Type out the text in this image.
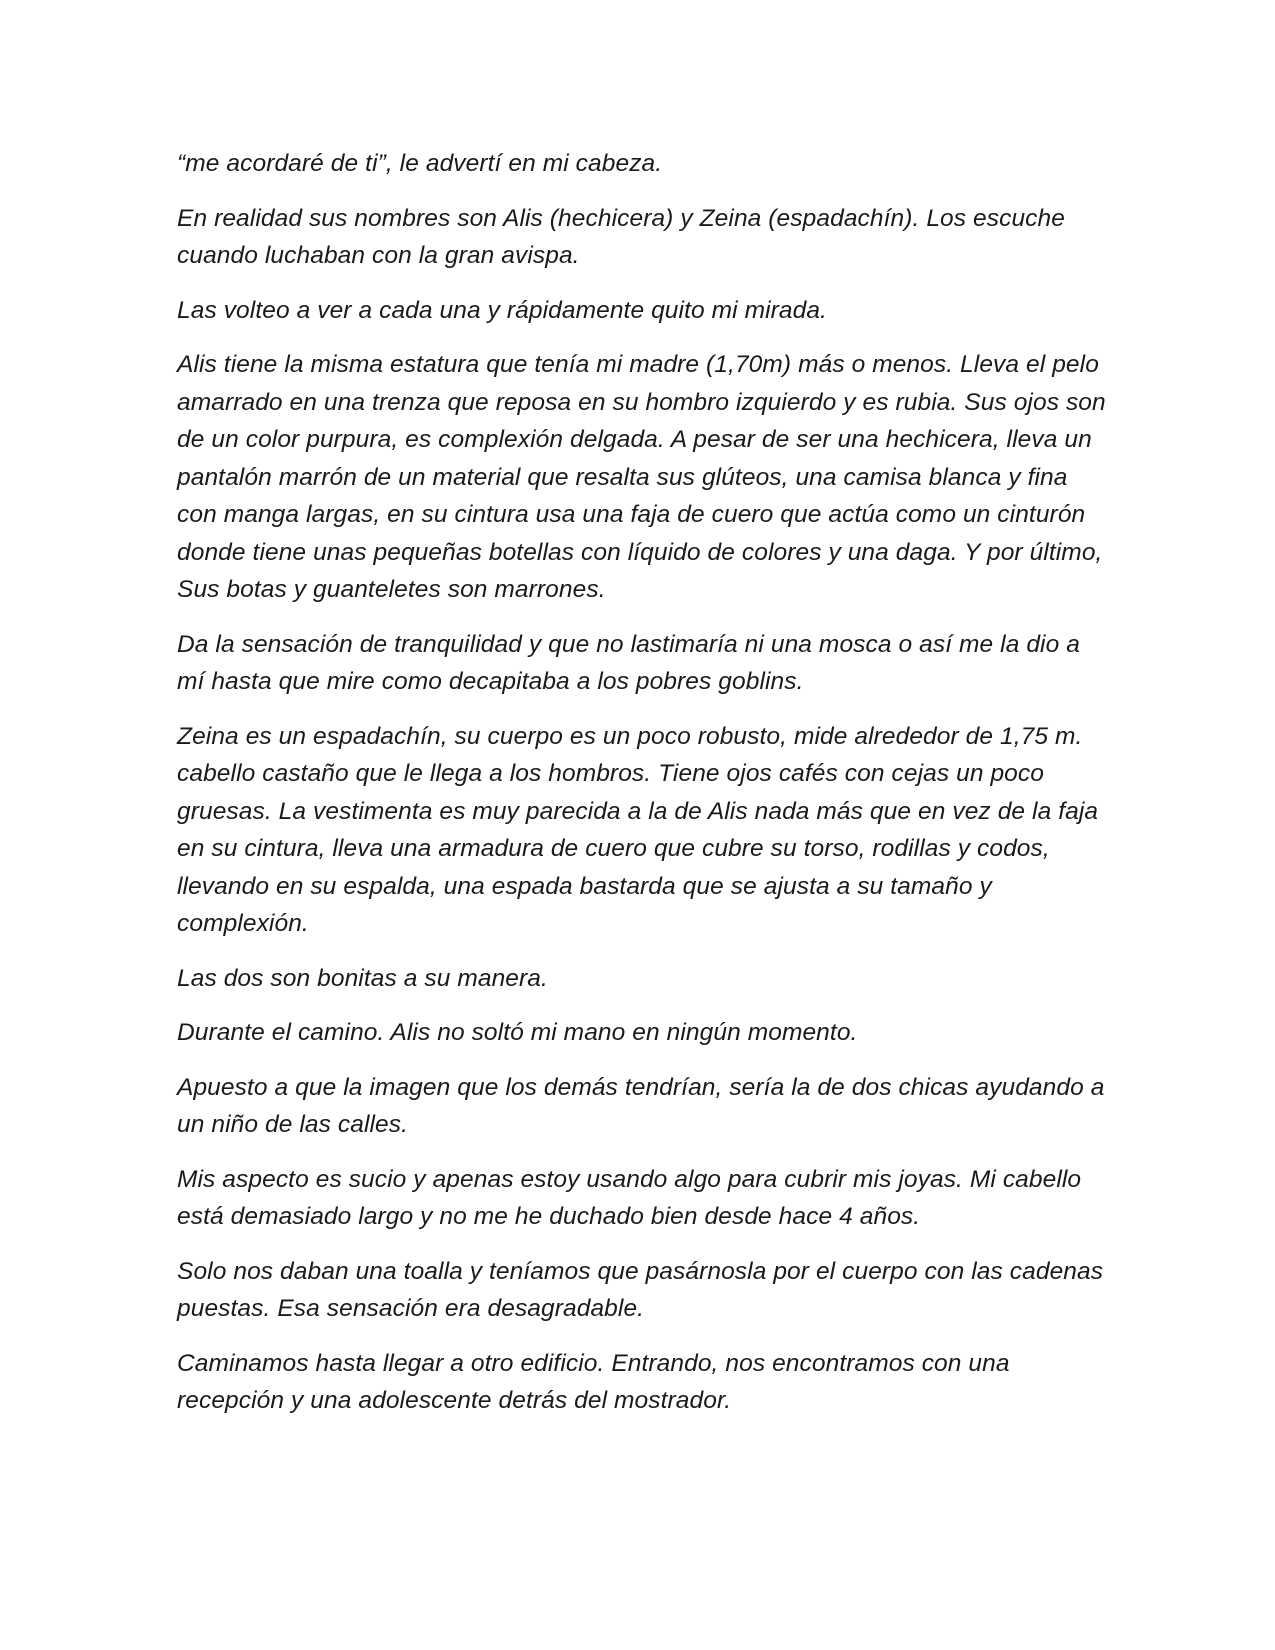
“me acordaré de ti”, le advertí en mi cabeza.

En realidad sus nombres son Alis (hechicera) y Zeina (espadachín). Los escuche cuando luchaban con la gran avispa.

Las volteo a ver a cada una y rápidamente quito mi mirada.

Alis tiene la misma estatura que tenía mi madre (1,70m) más o menos. Lleva el pelo amarrado en una trenza que reposa en su hombro izquierdo y es rubia. Sus ojos son de un color purpura, es complexión delgada. A pesar de ser una hechicera, lleva un pantalón marrón de un material que resalta sus glúteos, una camisa blanca y fina con manga largas, en su cintura usa una faja de cuero que actúa como un cinturón donde tiene unas pequeñas botellas con líquido de colores y una daga. Y por último, Sus botas y guanteletes son marrones.

Da la sensación de tranquilidad y que no lastimaría ni una mosca o así me la dio a mí hasta que mire como decapitaba a los pobres goblins.

Zeina es un espadachín, su cuerpo es un poco robusto, mide alrededor de 1,75 m. cabello castaño que le llega a los hombros. Tiene ojos cafés con cejas un poco gruesas. La vestimenta es muy parecida a la de Alis nada más que en vez de la faja en su cintura, lleva una armadura de cuero que cubre su torso, rodillas y codos, llevando en su espalda, una espada bastarda que se ajusta a su tamaño y complexión.

Las dos son bonitas a su manera.

Durante el camino. Alis no soltó mi mano en ningún momento.

Apuesto a que la imagen que los demás tendrían, sería la de dos chicas ayudando a un niño de las calles.

Mis aspecto es sucio y apenas estoy usando algo para cubrir mis joyas. Mi cabello está demasiado largo y no me he duchado bien desde hace 4 años.

Solo nos daban una toalla y teníamos que pasárnosla por el cuerpo con las cadenas puestas. Esa sensación era desagradable.

Caminamos hasta llegar a otro edificio. Entrando, nos encontramos con una recepción y una adolescente detrás del mostrador.
